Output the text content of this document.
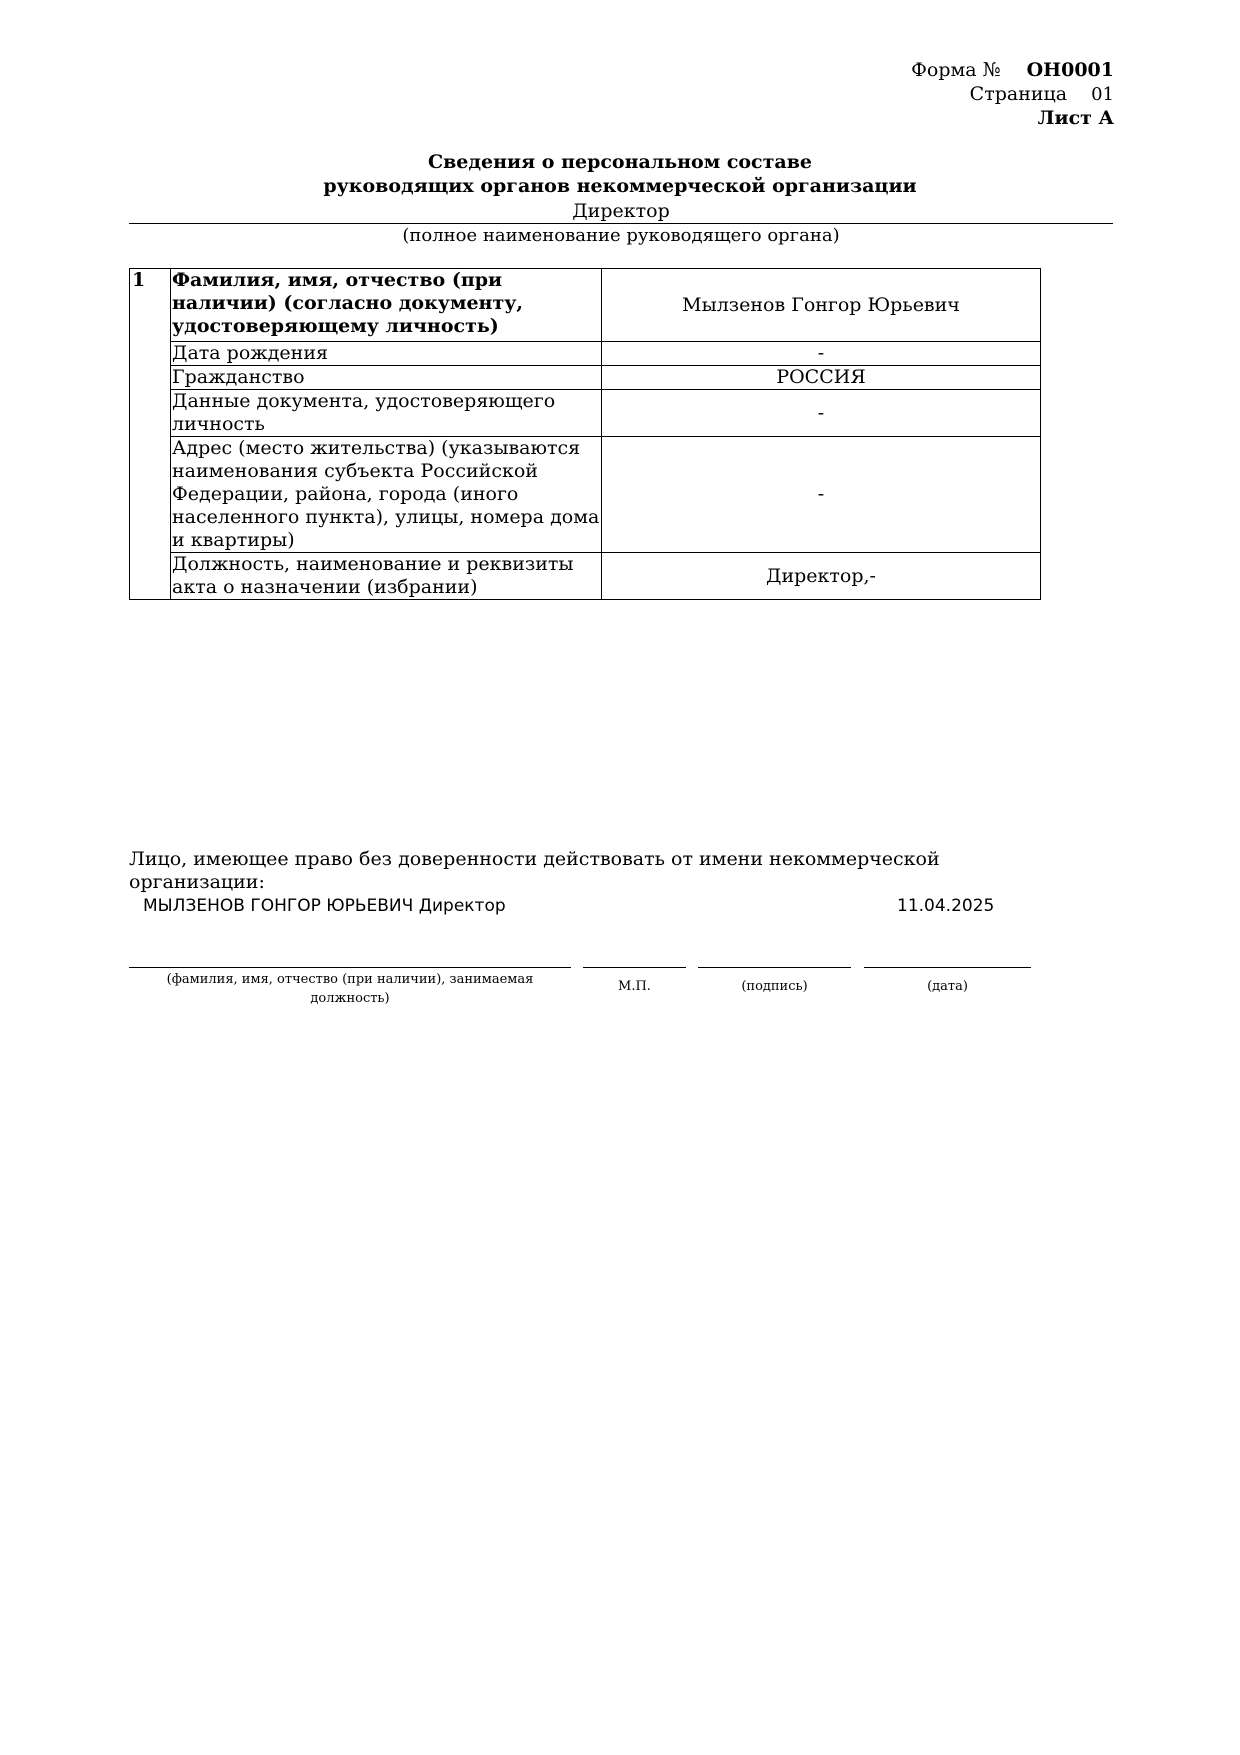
Форма № ОН0001
Страница 01
Лист А
Сведения о персональном составе
руководящих органов некоммерческой организации
Директор
(полное наименование руководящего органа)
1	Фамилия, имя, отчество (при наличии) (согласно документу, удостоверяющему личность)	Мылзенов Гонгор Юрьевич
	Дата рождения	-
	Гражданство	РОССИЯ
	Данные документа, удостоверяющего личность	-
	Адрес (место жительства) (указываются наименования субъекта Российской Федерации, района, города (иного населенного пункта), улицы, номера дома и квартиры)	-
	Должность, наименование и реквизиты акта о назначении (избрании)	Директор,-
Лицо, имеющее право без доверенности действовать от имени некоммерческой организации:
МЫЛЗЕНОВ ГОНГОР ЮРЬЕВИЧ Директор	11.04.2025
(фамилия, имя, отчество (при наличии), занимаемая должность)
М.П.	(подпись)	(дата)
